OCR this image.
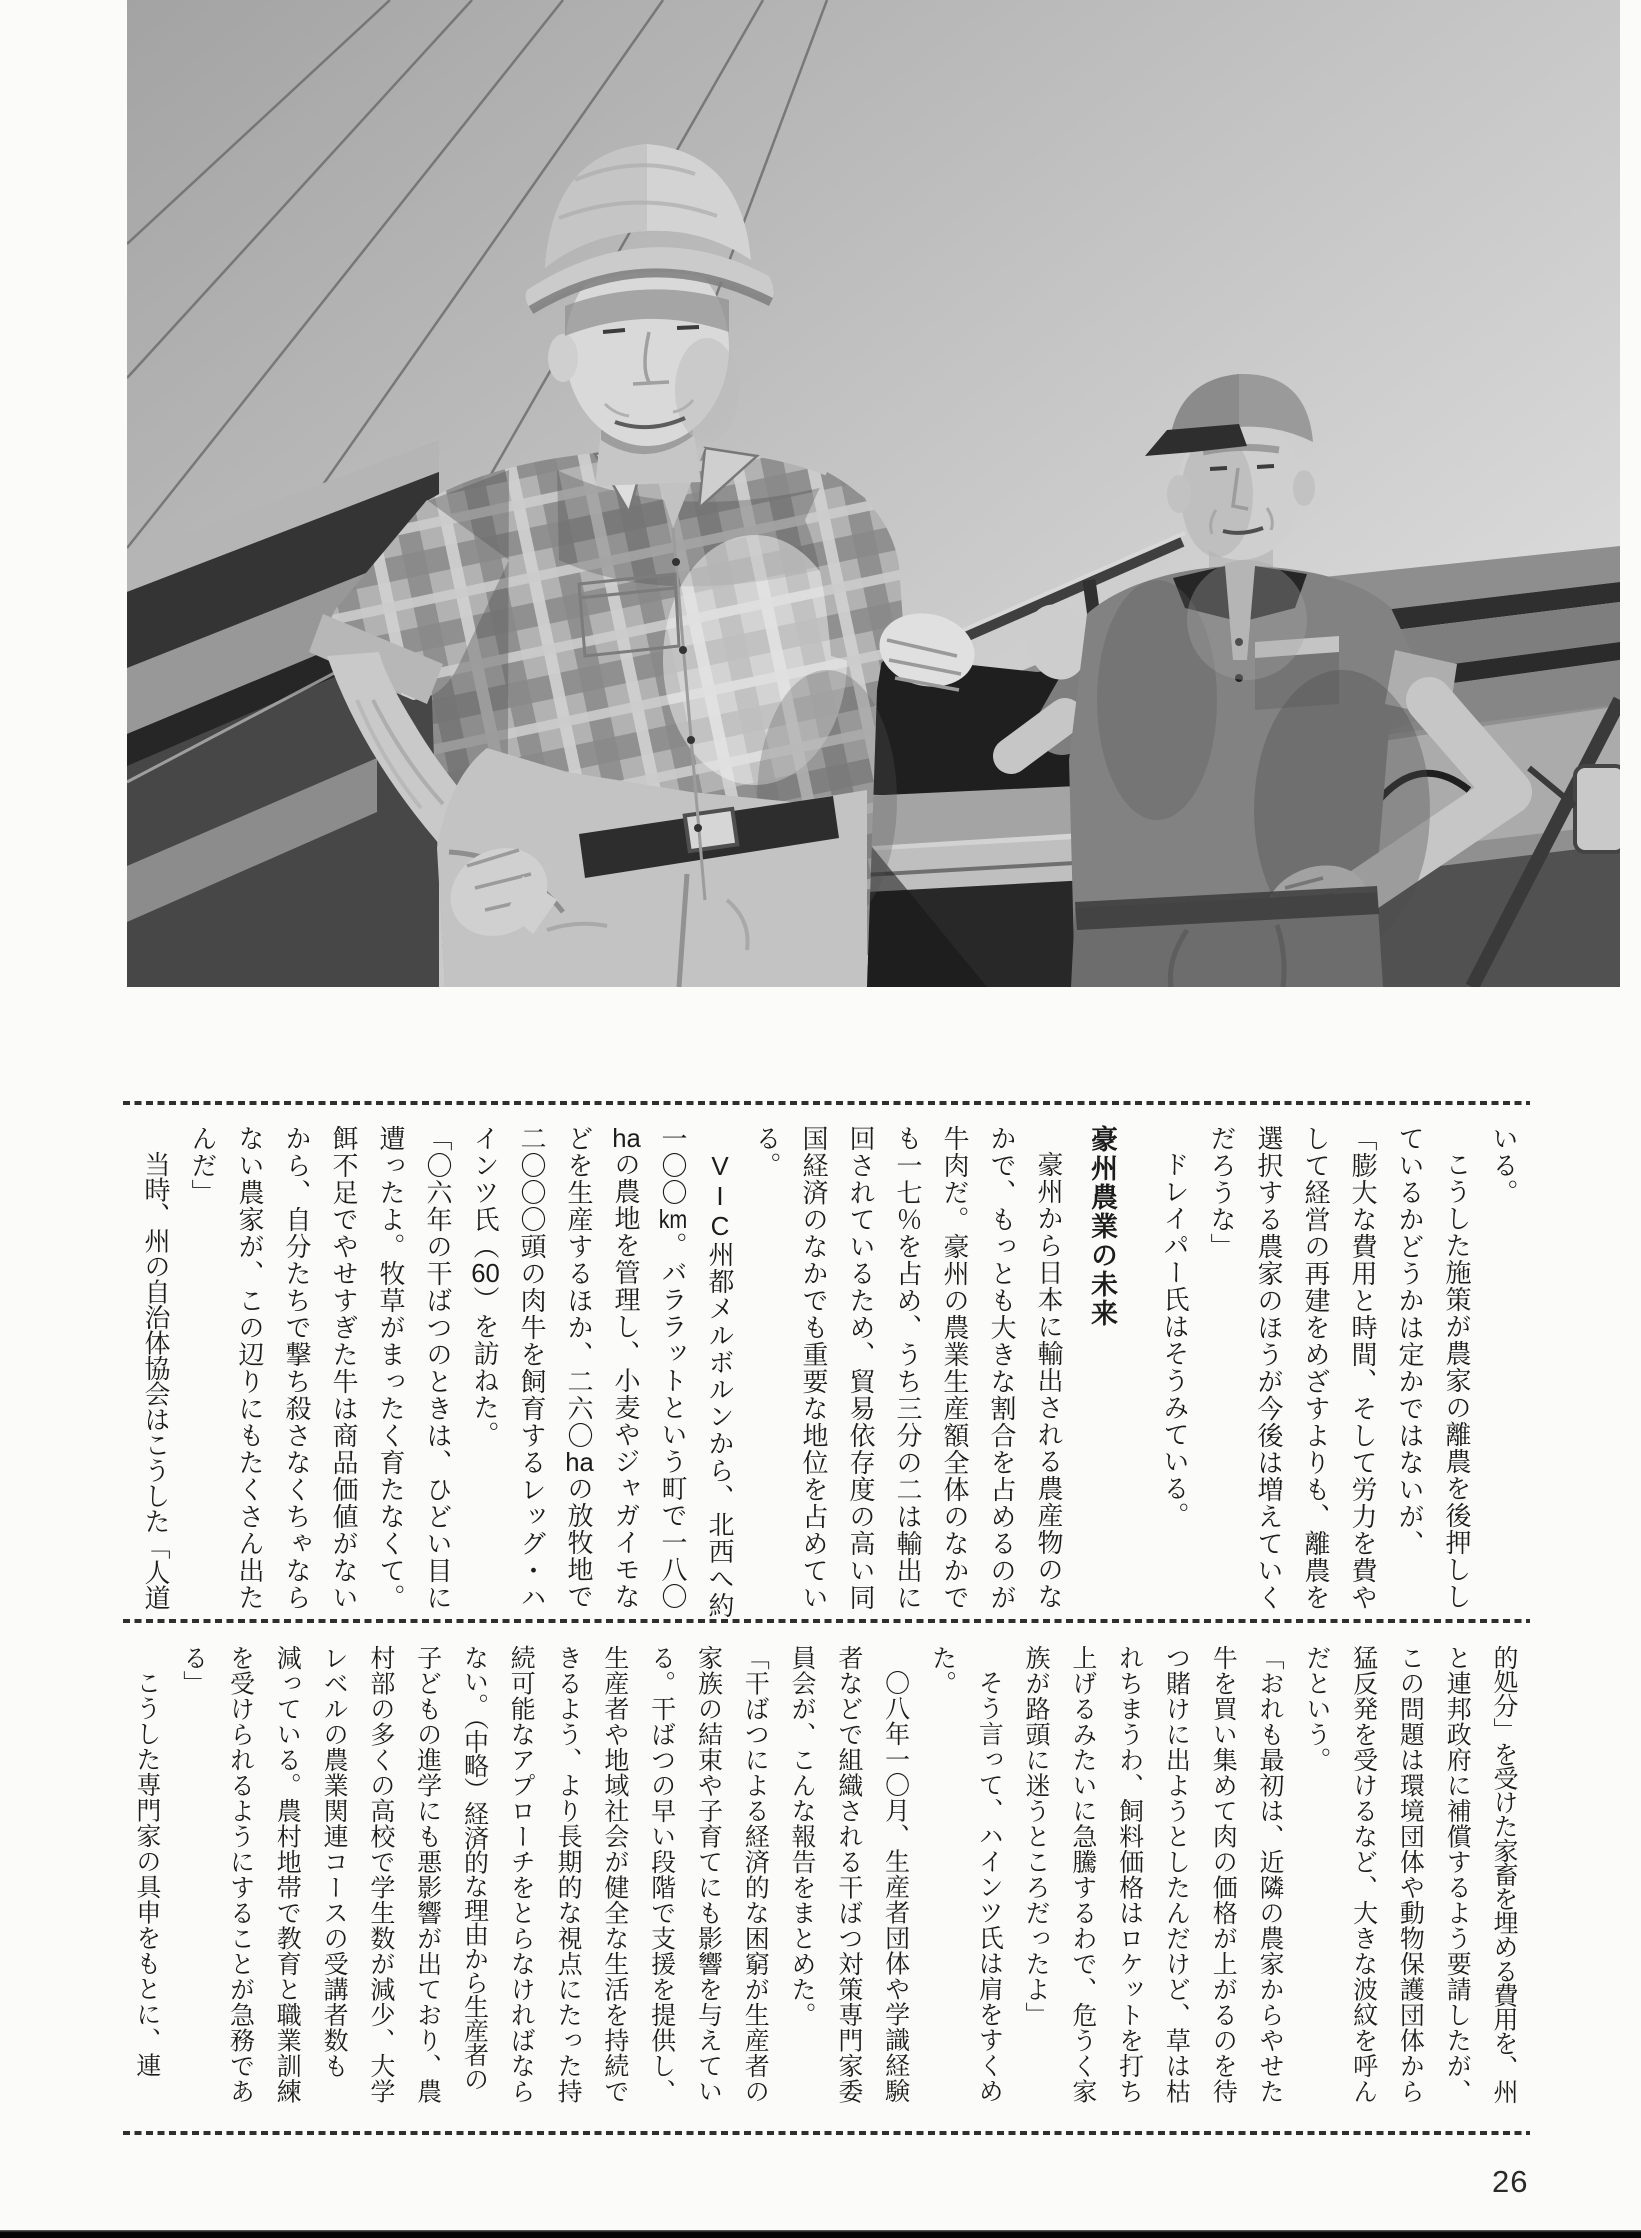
いる。

こうした施策が農家の離農を後押しし

ているかどうかは定かではないが、

「膨大な費用と時間、そして労力を費や

して経営の再建をめざすよりも、離農を

選択する農家のほうが今後は増えていく

だろうな」

ドレイパー氏はそうみている。

豪州農業の未来

豪州から日本に輸出される農産物のな

かで、もっとも大きな割合を占めるのが

牛肉だ。豪州の農業生産額全体のなかで

も一七％を占め、うち三分の二は輸出に

回されているため、貿易依存度の高い同

国経済のなかでも重要な地位を占めてい

る。

VIC州都メルボルンから、北西へ約

一〇〇km。バララットという町で一八〇

haの農地を管理し、小麦やジャガイモな

どを生産するほか、二六〇haの放牧地で

二〇〇〇頭の肉牛を飼育するレッグ・ハ

インツ氏（60）を訪ねた。

「〇六年の干ばつのときは、ひどい目に

遭ったよ。牧草がまったく育たなくて。

餌不足でやせすぎた牛は商品価値がない

から、自分たちで撃ち殺さなくちゃなら

ない農家が、この辺りにもたくさん出た

んだ」

当時、州の自治体協会はこうした「人道

的処分」を受けた家畜を埋める費用を、州

と連邦政府に補償するよう要請したが、

この問題は環境団体や動物保護団体から

猛反発を受けるなど、大きな波紋を呼ん

だという。

「おれも最初は、近隣の農家からやせた

牛を買い集めて肉の価格が上がるのを待

つ賭けに出ようとしたんだけど、草は枯

れちまうわ、飼料価格はロケットを打ち

上げるみたいに急騰するわで、危うく家

族が路頭に迷うところだったよ」

そう言って、ハインツ氏は肩をすくめ

た。

〇八年一〇月、生産者団体や学識経験

者などで組織される干ばつ対策専門家委

員会が、こんな報告をまとめた。

「干ばつによる経済的な困窮が生産者の

家族の結束や子育てにも影響を与えてい

る。干ばつの早い段階で支援を提供し、

生産者や地域社会が健全な生活を持続で

きるよう、より長期的な視点にたった持

続可能なアプローチをとらなければなら

ない。（中略）経済的な理由から生産者の

子どもの進学にも悪影響が出ており、農

村部の多くの高校で学生数が減少、大学

レベルの農業関連コースの受講者数も

減っている。農村地帯で教育と職業訓練

を受けられるようにすることが急務であ

る」

こうした専門家の具申をもとに、連

26
